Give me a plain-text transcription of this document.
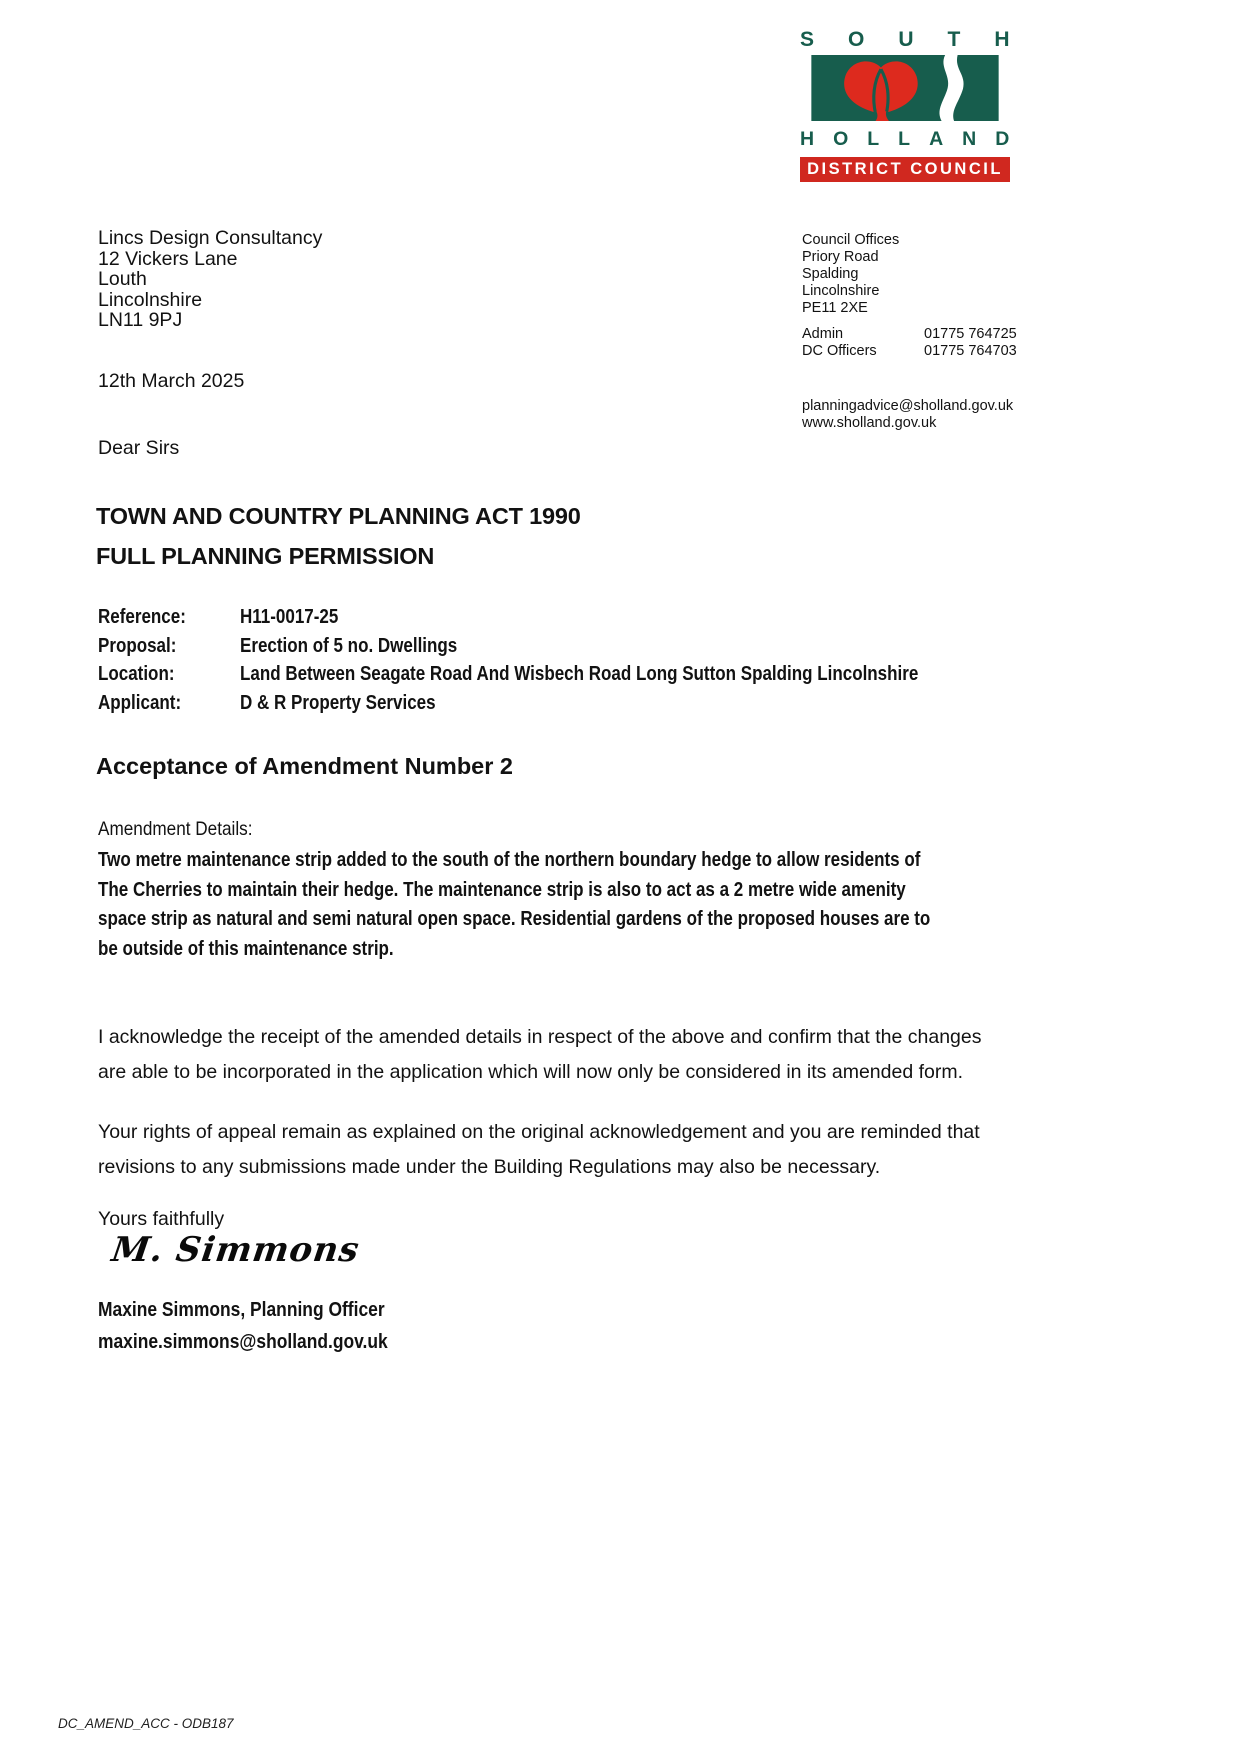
SOUTH
HOLLAND
DISTRICT COUNCIL
Lincs Design Consultancy
12 Vickers Lane
Louth
Lincolnshire
LN11 9PJ
12th March 2025
Council Offices
Priory Road
Spalding
Lincolnshire
PE11 2XE
Admin	01775 764725
DC Officers	01775 764703
planningadvice@sholland.gov.uk
www.sholland.gov.uk
Dear Sirs
TOWN AND COUNTRY PLANNING ACT 1990
FULL PLANNING PERMISSION
Reference:	H11-0017-25
Proposal:	Erection of 5 no. Dwellings
Location:	Land Between Seagate Road And Wisbech Road Long Sutton Spalding Lincolnshire
Applicant:	D & R Property Services
Acceptance of Amendment Number 2
Amendment Details:
Two metre maintenance strip added to the south of the northern boundary hedge to allow residents of
The Cherries to maintain their hedge. The maintenance strip is also to act as a 2 metre wide amenity
space strip as natural and semi natural open space. Residential gardens of the proposed houses are to
be outside of this maintenance strip.
I acknowledge the receipt of the amended details in respect of the above and confirm that the changes
are able to be incorporated in the application which will now only be considered in its amended form.
Your rights of appeal remain as explained on the original acknowledgement and you are reminded that
revisions to any submissions made under the Building Regulations may also be necessary.
Yours faithfully
M. Simmons
Maxine Simmons, Planning Officer
maxine.simmons@sholland.gov.uk
DC_AMEND_ACC - ODB187
